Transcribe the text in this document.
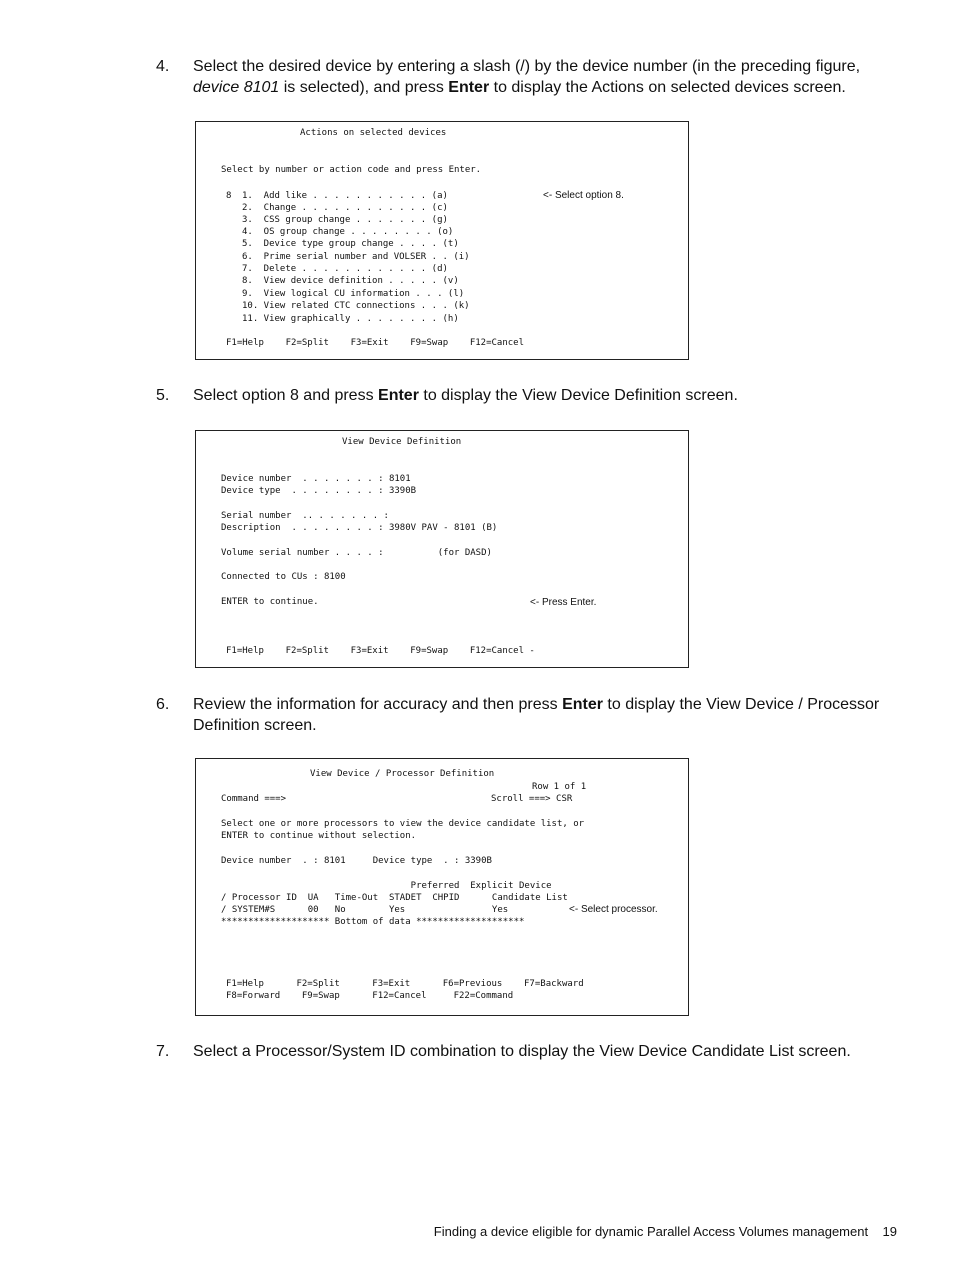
4. Select the desired device by entering a slash (/) by the device number (in the preceding figure, device 8101 is selected), and press Enter to display the Actions on selected devices screen.
Actions on selected devices
Select by number or action code and press Enter.
8 1.  Add like . . . . . . . . . . . (a)
2.  Change . . . . . . . . . . . . (c)
3.  CSS group change . . . . . . . (g)
4.  OS group change . . . . . . . . (o)
5.  Device type group change . . . . (t)
6.  Prime serial number and VOLSER . . (i)
7.  Delete . . . . . . . . . . . . (d)
8.  View device definition . . . . . (v)
9.  View logical CU information . . . (l)
10. View related CTC connections . . . (k)
11. View graphically . . . . . . . . (h)
<- Select option 8.
F1=Help    F2=Split    F3=Exit    F9=Swap    F12=Cancel
5. Select option 8 and press Enter to display the View Device Definition screen.
View Device Definition
Device number  . . . . . . . : 8101
Device type  . . . . . . . . : 3390B
Serial number  .. . . . . . . :
Description  . . . . . . . . : 3980V PAV - 8101 (B)
Volume serial number . . . . :          (for DASD)
Connected to CUs : 8100
ENTER to continue.	<- Press Enter.
F1=Help    F2=Split    F3=Exit    F9=Swap    F12=Cancel -
6. Review the information for accuracy and then press Enter to display the View Device / Processor Definition screen.
View Device / Processor Definition
Row 1 of 1
Command ===>	Scroll ===> CSR
Select one or more processors to view the device candidate list, or
ENTER to continue without selection.
Device number  . : 8101     Device type  . : 3390B
Preferred  Explicit Device
/ Processor ID  UA   Time-Out  STADET  CHPID      Candidate List
/ SYSTEM#S      00   No        Yes                Yes
******************** Bottom of data ********************
<- Select processor.
F1=Help      F2=Split      F3=Exit      F6=Previous    F7=Backward
F8=Forward    F9=Swap      F12=Cancel     F22=Command
7. Select a Processor/System ID combination to display the View Device Candidate List screen.
Finding a device eligible for dynamic Parallel Access Volumes management 19
